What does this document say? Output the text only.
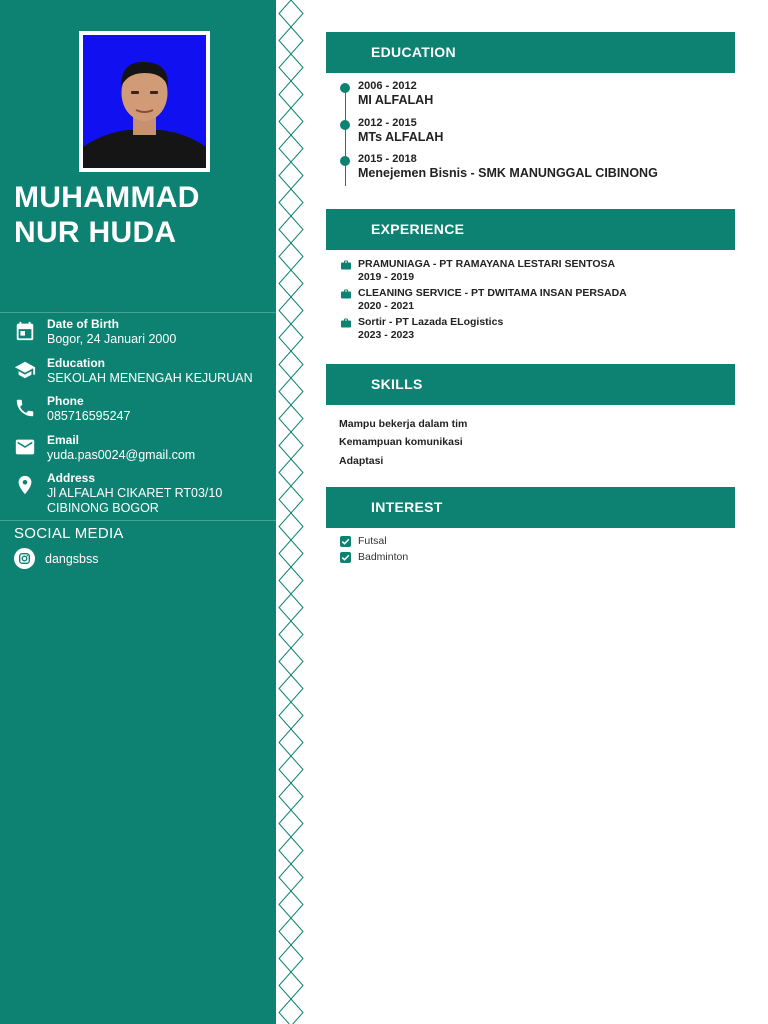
MUHAMMAD
NUR HUDA
Date of Birth
Bogor, 24 Januari 2000
Education
SEKOLAH MENENGAH KEJURUAN
Phone
085716595247
Email
yuda.pas0024@gmail.com
Address
Jl ALFALAH CIKARET RT03/10
CIBINONG BOGOR
SOCIAL MEDIA
dangsbss
EDUCATION
2006 - 2012
MI ALFALAH
2012 - 2015
MTs ALFALAH
2015 - 2018
Menejemen Bisnis - SMK MANUNGGAL CIBINONG
EXPERIENCE
PRAMUNIAGA - PT RAMAYANA LESTARI SENTOSA
2019 - 2019
CLEANING SERVICE - PT DWITAMA INSAN PERSADA
2020 - 2021
Sortir - PT Lazada ELogistics
2023 - 2023
SKILLS
Mampu bekerja dalam tim
Kemampuan komunikasi
Adaptasi
INTEREST
Futsal
Badminton
